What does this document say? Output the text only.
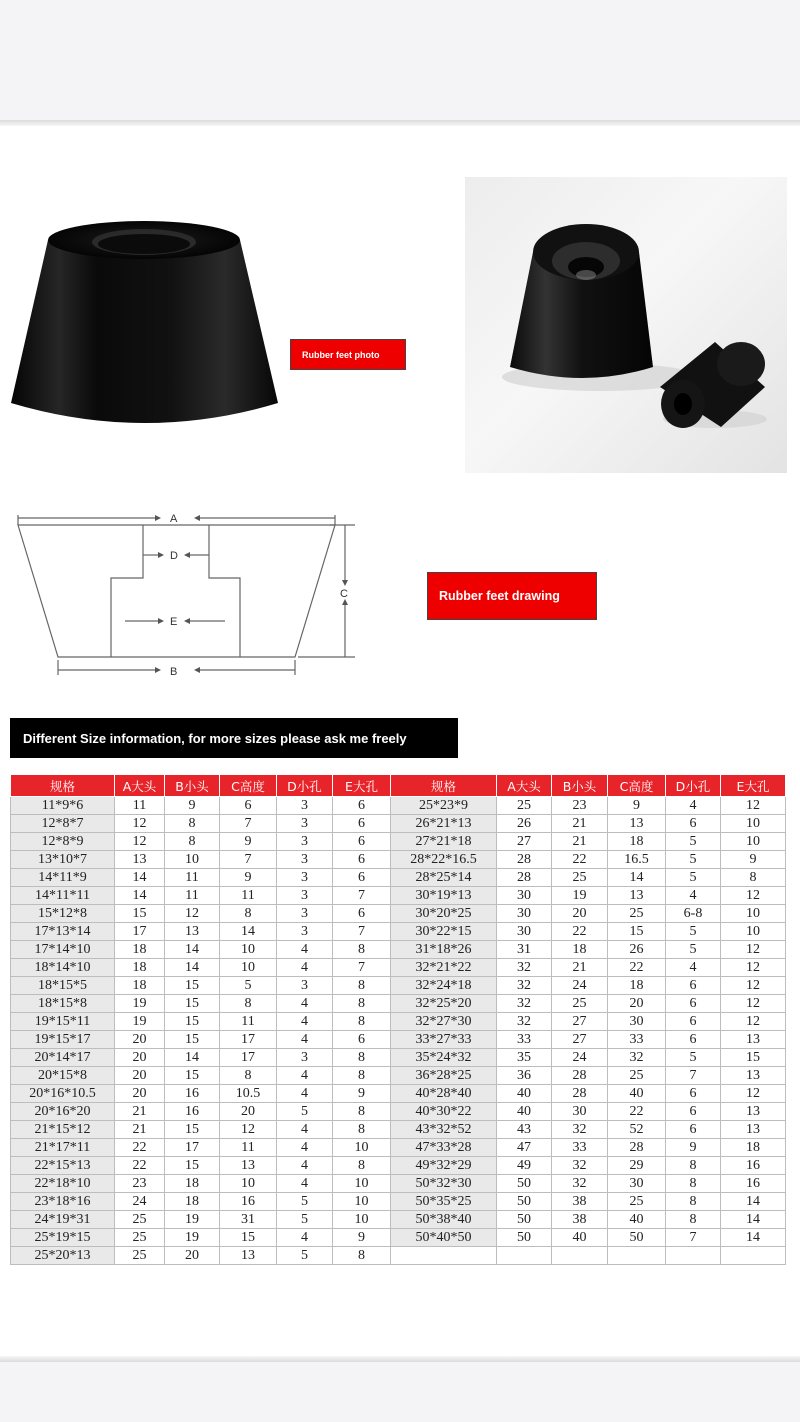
Rubber feet photo
A
D
E
B
C	Rubber feet drawing
Different Size information, for more sizes please ask me freely
规格	A大头	B小头	C高度	D小孔	E大孔	规格	A大头	B小头	C高度	D小孔	E大孔
11*9*6	11	9	6	3	6	25*23*9	25	23	9	4	12
12*8*7	12	8	7	3	6	26*21*13	26	21	13	6	10
12*8*9	12	8	9	3	6	27*21*18	27	21	18	5	10
13*10*7	13	10	7	3	6	28*22*16.5	28	22	16.5	5	9
14*11*9	14	11	9	3	6	28*25*14	28	25	14	5	8
14*11*11	14	11	11	3	7	30*19*13	30	19	13	4	12
15*12*8	15	12	8	3	6	30*20*25	30	20	25	6-8	10
17*13*14	17	13	14	3	7	30*22*15	30	22	15	5	10
17*14*10	18	14	10	4	8	31*18*26	31	18	26	5	12
18*14*10	18	14	10	4	7	32*21*22	32	21	22	4	12
18*15*5	18	15	5	3	8	32*24*18	32	24	18	6	12
18*15*8	19	15	8	4	8	32*25*20	32	25	20	6	12
19*15*11	19	15	11	4	8	32*27*30	32	27	30	6	12
19*15*17	20	15	17	4	6	33*27*33	33	27	33	6	13
20*14*17	20	14	17	3	8	35*24*32	35	24	32	5	15
20*15*8	20	15	8	4	8	36*28*25	36	28	25	7	13
20*16*10.5	20	16	10.5	4	9	40*28*40	40	28	40	6	12
20*16*20	21	16	20	5	8	40*30*22	40	30	22	6	13
21*15*12	21	15	12	4	8	43*32*52	43	32	52	6	13
21*17*11	22	17	11	4	10	47*33*28	47	33	28	9	18
22*15*13	22	15	13	4	8	49*32*29	49	32	29	8	16
22*18*10	23	18	10	4	10	50*32*30	50	32	30	8	16
23*18*16	24	18	16	5	10	50*35*25	50	38	25	8	14
24*19*31	25	19	31	5	10	50*38*40	50	38	40	8	14
25*19*15	25	19	15	4	9	50*40*50	50	40	50	7	14
25*20*13	25	20	13	5	8						
